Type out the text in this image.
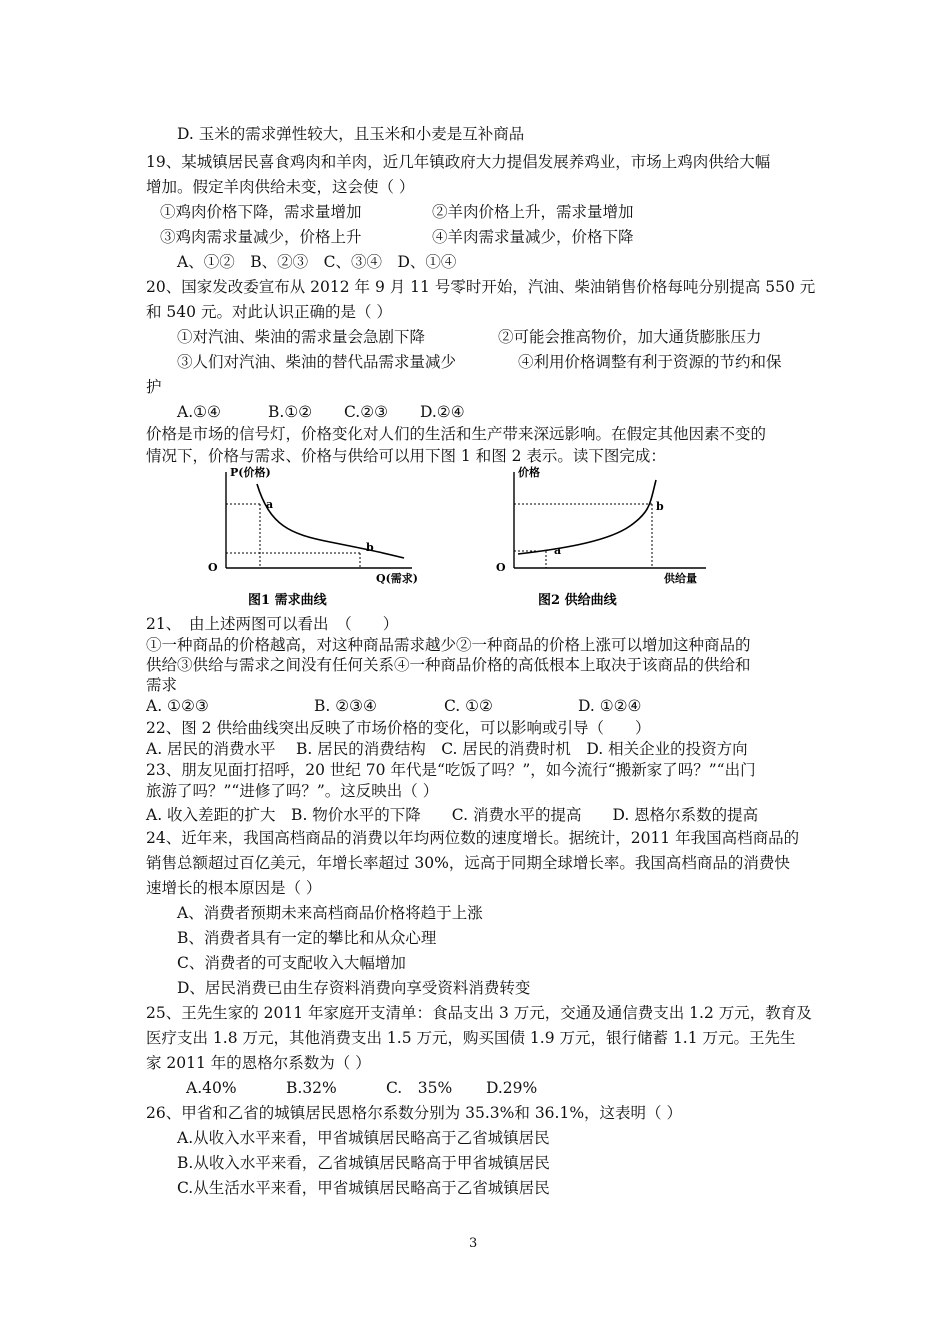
D. 玉米的需求弹性较大，且玉米和小麦是互补商品
19、某城镇居民喜食鸡肉和羊肉，近几年镇政府大力提倡发展养鸡业，市场上鸡肉供给大幅
增加。假定羊肉供给未变，这会使（ ）
①鸡肉价格下降，需求量增加	②羊肉价格上升，需求量增加
③鸡肉需求量减少，价格上升	④羊肉需求量减少，价格下降
A、①②　B、②③　C、③④　D、①④
20、国家发改委宣布从 2012 年 9 月 11 号零时开始，汽油、柴油销售价格每吨分别提高 550 元
和 540 元。对此认识正确的是（ ）
①对汽油、柴油的需求量会急剧下降	②可能会推高物价，加大通货膨胀压力
③人们对汽油、柴油的替代品需求量减少	④利用价格调整有利于资源的节约和保
护
A.①④	B.①② C.②③ D.②④
价格是市场的信号灯，价格变化对人们的生活和生产带来深远影响。在假定其他因素不变的
情况下，价格与需求、价格与供给可以用下图 1 和图 2 表示。读下图完成：
P(价格)
a
b
O
Q(需求)
图1 需求曲线
价格
a
b
O
供给量
图2 供给曲线
21、　由上述两图可以看出　（　　）
①一种商品的价格越高，对这种商品需求越少②一种商品的价格上涨可以增加这种商品的
供给③供给与需求之间没有任何关系④一种商品价格的高低根本上取决于该商品的供给和
需求
A. ①②③	B. ②③④	C. ①②	D. ①②④
22、图 2 供给曲线突出反映了市场价格的变化，可以影响或引导（　　）
A. 居民的消费水平　 B. 居民的消费结构　C. 居民的消费时机　D. 相关企业的投资方向
23、朋友见面打招呼，20 世纪 70 年代是“吃饭了吗？”，如今流行“搬新家了吗？”“出门
旅游了吗？”“进修了吗？”。这反映出（ ）
A. 收入差距的扩大　B. 物价水平的下降　　C. 消费水平的提高　　D. 恩格尔系数的提高
24、近年来，我国高档商品的消费以年均两位数的速度增长。据统计，2011 年我国高档商品的
销售总额超过百亿美元，年增长率超过 30%，远高于同期全球增长率。我国高档商品的消费快
速增长的根本原因是（ ）
A、消费者预期未来高档商品价格将趋于上涨
B、消费者具有一定的攀比和从众心理
C、消费者的可支配收入大幅增加
D、居民消费已由生存资料消费向享受资料消费转变
25、王先生家的 2011 年家庭开支清单：食品支出 3 万元，交通及通信费支出 1.2 万元，教育及
医疗支出 1.8 万元，其他消费支出 1.5 万元，购买国债 1.9 万元，银行储蓄 1.1 万元。王先生
家 2011 年的恩格尔系数为（ ）
A.40%	B.32%	C.　35% D.29%
26、甲省和乙省的城镇居民恩格尔系数分别为 35.3%和 36.1%，这表明（ ）
A.从收入水平来看，甲省城镇居民略高于乙省城镇居民
B.从收入水平来看，乙省城镇居民略高于甲省城镇居民
C.从生活水平来看，甲省城镇居民略高于乙省城镇居民
3
